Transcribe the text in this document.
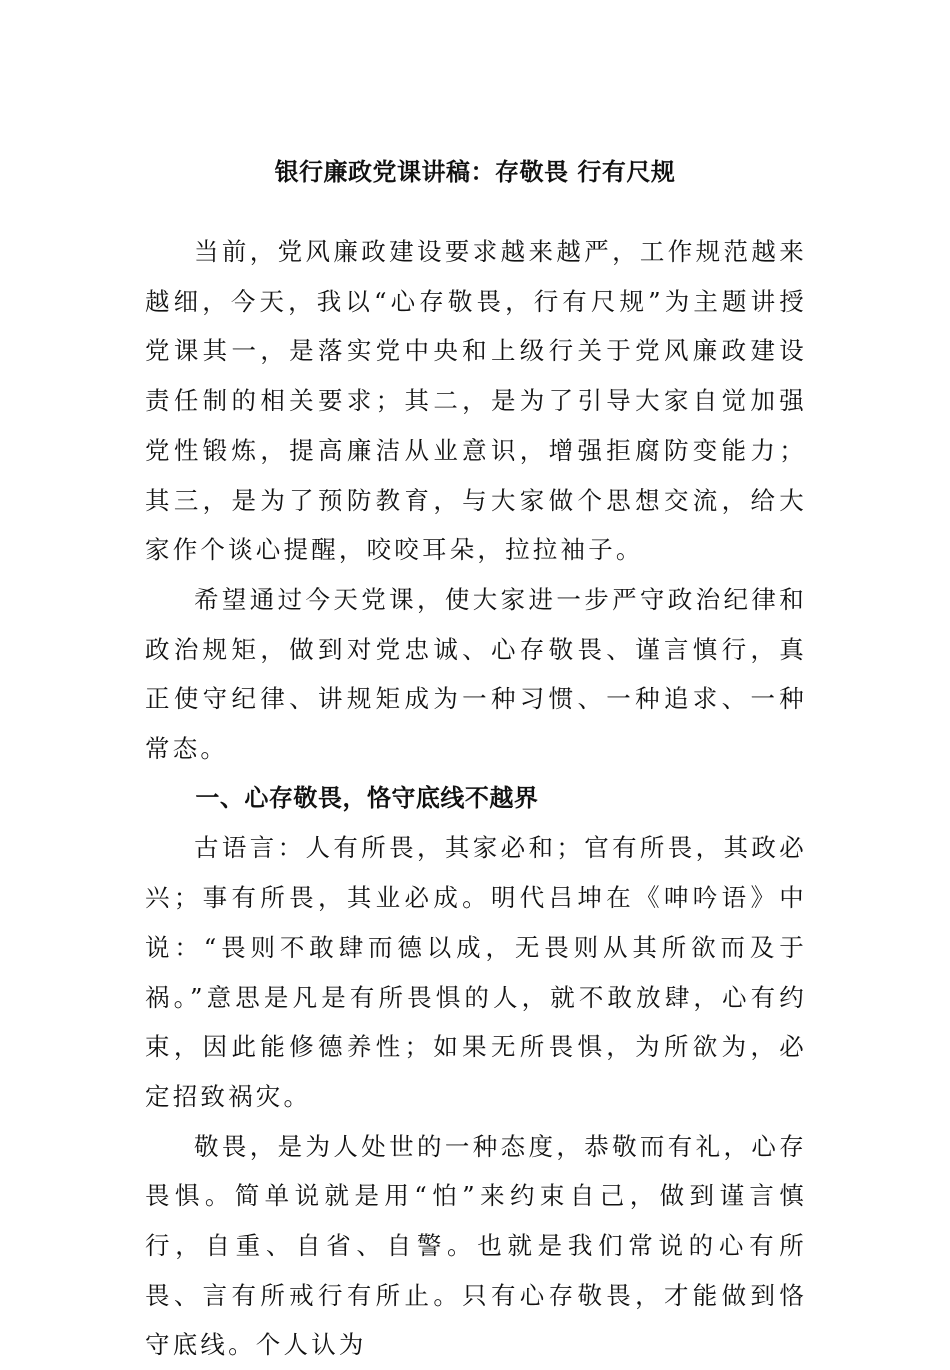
银行廉政党课讲稿：存敬畏 行有尺规

当前，党风廉政建设要求越来越严，工作规范越来越细，今天，我以“心存敬畏，行有尺规”为主题讲授党课其一，是落实党中央和上级行关于党风廉政建设责任制的相关要求；其二，是为了引导大家自觉加强党性锻炼，提高廉洁从业意识，增强拒腐防变能力；其三，是为了预防教育，与大家做个思想交流，给大家作个谈心提醒，咬咬耳朵，拉拉袖子。

希望通过今天党课，使大家进一步严守政治纪律和政治规矩，做到对党忠诚、心存敬畏、谨言慎行，真正使守纪律、讲规矩成为一种习惯、一种追求、一种常态。

一、心存敬畏，恪守底线不越界

古语言：人有所畏，其家必和；官有所畏，其政必兴；事有所畏，其业必成。明代吕坤在《呻吟语》中说：“畏则不敢肆而德以成，无畏则从其所欲而及于祸。”意思是凡是有所畏惧的人，就不敢放肆，心有约束，因此能修德养性；如果无所畏惧，为所欲为，必定招致祸灾。

敬畏，是为人处世的一种态度，恭敬而有礼，心存畏惧。简单说就是用“怕”来约束自己，做到谨言慎行，自重、自省、自警。也就是我们常说的心有所畏、言有所戒行有所止。只有心存敬畏，才能做到恪守底线。个人认为
